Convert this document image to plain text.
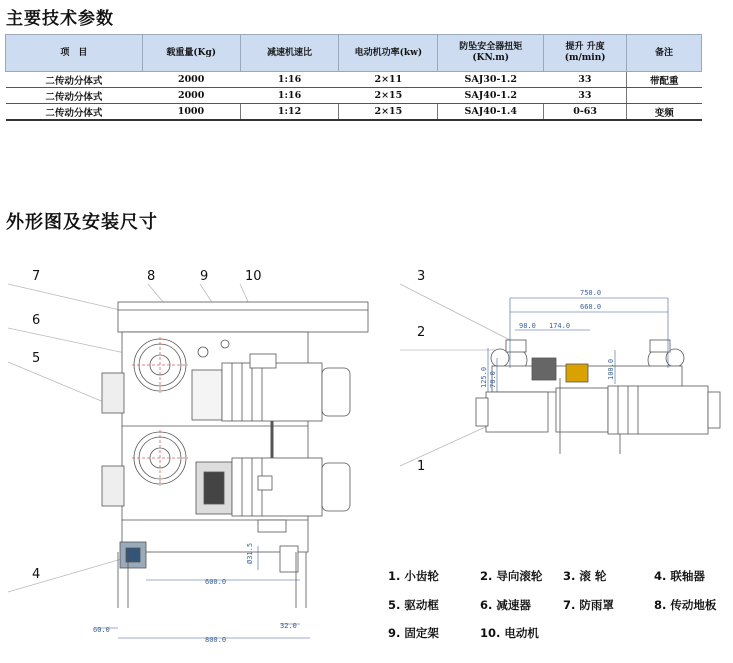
主要技术参数
项　目	载重量(Kg)	减速机速比	电动机功率(kw)	防坠安全器扭矩
(KN.m)	提升 升度(m/min)	备注
二传动分体式	2000	1:16	2×11	SAJ30-1.2	33	带配重
二传动分体式	2000	1:16	2×15	SAJ40-1.2	33	
二传动分体式	1000	1:12	2×15	SAJ40-1.4	0-63	变频
外形图及安装尺寸
7	8	9	10
6
5
4	600.0
60.0	32.0
800.0
Ø31.5
3
2
1
750.0
660.0
98.0 174.0
125.0 70.0	100.0
1. 小齿轮	2. 导向滚轮 3. 滚 轮	4. 联轴器
5. 驱动框	6. 减速器	7. 防雨罩	8. 传动地板
9. 固定架	10. 电动机
